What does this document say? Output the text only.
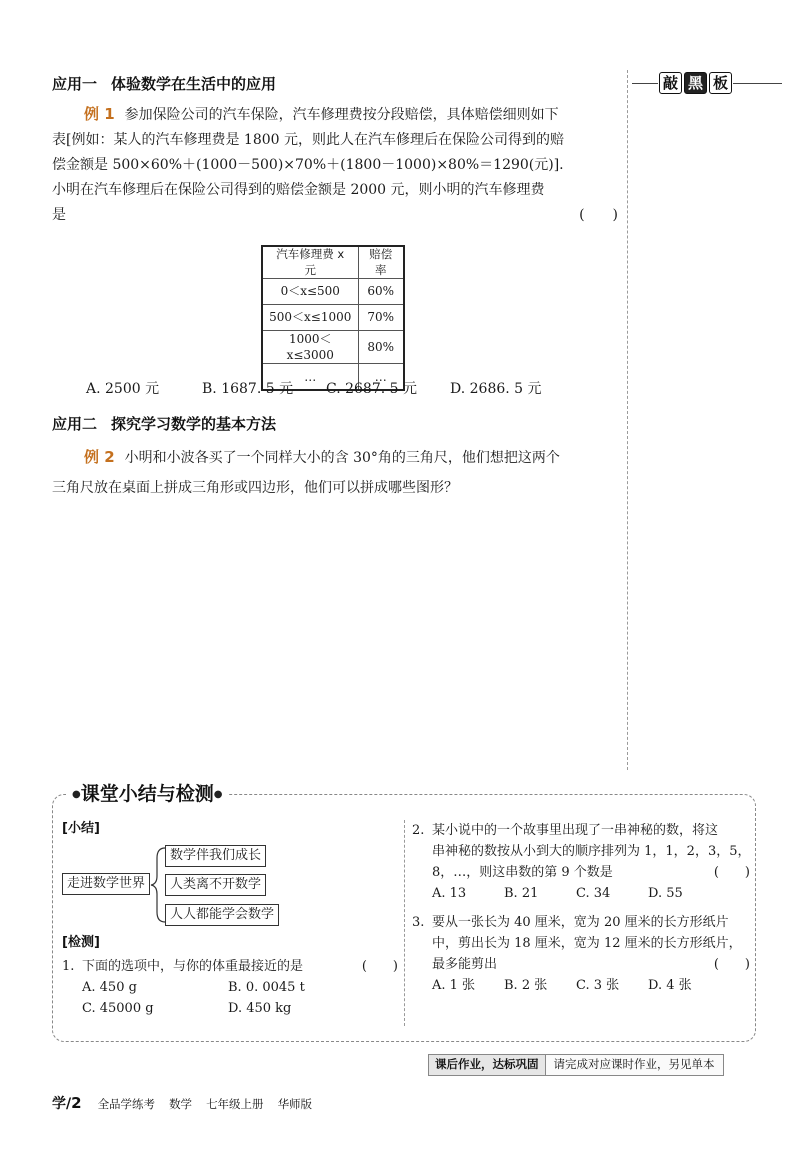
敲 黑 板
应用一 体验数学在生活中的应用
例 1 参加保险公司的汽车保险，汽车修理费按分段赔偿，具体赔偿细则如下
表[例如：某人的汽车修理费是 1800 元，则此人在汽车修理后在保险公司得到的赔
偿金额是 500×60%＋(1000－500)×70%＋(1800－1000)×80%＝1290(元)].
小明在汽车修理后在保险公司得到的赔偿金额是 2000 元，则小明的汽车修理费
是	(　　)
汽车修理费 x 元	赔偿率
0＜x≤500	60%
500＜x≤1000	70%
1000＜x≤3000	80%
…	…
A. 2500 元	B. 1687. 5 元	C. 2687. 5 元	D. 2686. 5 元
应用二 探究学习数学的基本方法
例 2 小明和小波各买了一个同样大小的含 30°角的三角尺，他们想把这两个
三角尺放在桌面上拼成三角形或四边形，他们可以拼成哪些图形？
●课堂小结与检测●
[小结]
走进数学世界
数学伴我们成长
人类离不开数学
人人都能学会数学
[检测]
1. 下面的选项中，与你的体重最接近的是	(　　)
A. 450 g	B. 0. 0045 t
C. 45000 g	D. 450 kg
2. 某小说中的一个故事里出现了一串神秘的数，将这
串神秘的数按从小到大的顺序排列为 1，1，2，3，5，
8，…，则这串数的第 9 个数是	(　　)
A. 13	B. 21	C. 34	D. 55
3. 要从一张长为 40 厘米，宽为 20 厘米的长方形纸片
中，剪出长为 18 厘米，宽为 12 厘米的长方形纸片，
最多能剪出	(　　)
A. 1 张 B. 2 张 C. 3 张 D. 4 张
课后作业，达标巩固	请完成对应课时作业，另见单本
学/2 全品学练考 数学 七年级上册 华师版
